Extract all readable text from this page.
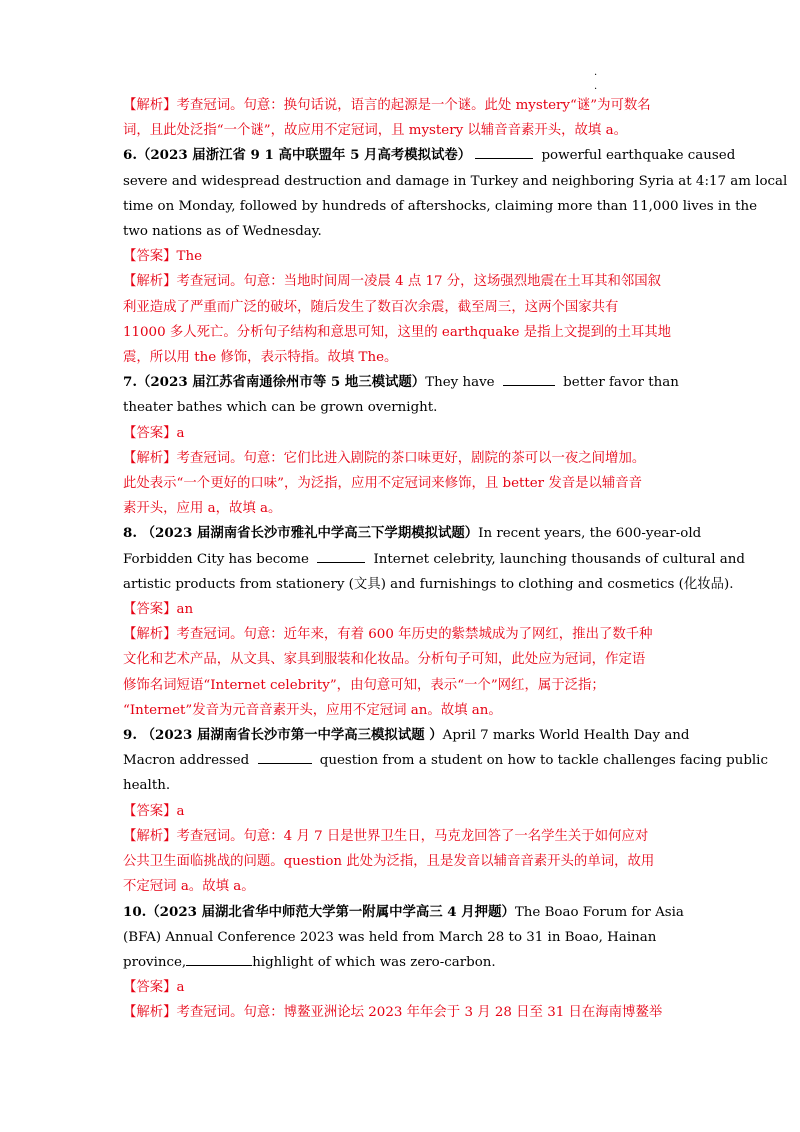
.
.
【解析】考查冠词。句意：换句话说，语言的起源是一个谜。此处 mystery“谜”为可数名
词，且此处泛指“一个谜”，故应用不定冠词，且 mystery 以辅音音素开头，故填 a。
6.（2023 届浙江省 9 1 高中联盟年 5 月高考模拟试卷）	powerful earthquake caused
severe and widespread destruction and damage in Turkey and neighboring Syria at 4:17 am local
time on Monday, followed by hundreds of aftershocks, claiming more than 11,000 lives in the
two nations as of Wednesday.
【答案】The
【解析】考查冠词。句意：当地时间周一凌晨 4 点 17 分，这场强烈地震在土耳其和邻国叙
利亚造成了严重而广泛的破坏，随后发生了数百次余震，截至周三，这两个国家共有
11000 多人死亡。分析句子结构和意思可知，这里的 earthquake 是指上文提到的土耳其地
震，所以用 the 修饰，表示特指。故填 The。
7.（2023 届江苏省南通徐州市等 5 地三模试题）They have	better favor than
theater bathes which can be grown overnight.
【答案】a
【解析】考查冠词。句意：它们比进入剧院的茶口味更好，剧院的茶可以一夜之间增加。
此处表示“一个更好的口味”，为泛指，应用不定冠词来修饰，且 better 发音是以辅音音
素开头，应用 a，故填 a。
8. （2023 届湖南省长沙市雅礼中学高三下学期模拟试题）In recent years, the 600-year-old
Forbidden City has become	Internet celebrity, launching thousands of cultural and
artistic products from stationery (文具) and furnishings to clothing and cosmetics (化妆品).
【答案】an
【解析】考查冠词。句意：近年来，有着 600 年历史的紫禁城成为了网红，推出了数千种
文化和艺术产品，从文具、家具到服装和化妆品。分析句子可知，此处应为冠词，作定语
修饰名词短语“Internet celebrity”，由句意可知，表示“一个”网红，属于泛指；
“Internet”发音为元音音素开头，应用不定冠词 an。故填 an。
9. （2023 届湖南省长沙市第一中学高三模拟试题 ）April 7 marks World Health Day and
Macron addressed	question from a student on how to tackle challenges facing public
health.
【答案】a
【解析】考查冠词。句意：4 月 7 日是世界卫生日，马克龙回答了一名学生关于如何应对
公共卫生面临挑战的问题。question 此处为泛指，且是发音以辅音音素开头的单词，故用
不定冠词 a。故填 a。
10.（2023 届湖北省华中师范大学第一附属中学高三 4 月押题）The Boao Forum for Asia
(BFA) Annual Conference 2023 was held from March 28 to 31 in Boao, Hainan
province,	highlight of which was zero-carbon.
【答案】a
【解析】考查冠词。句意：博鳌亚洲论坛 2023 年年会于 3 月 28 日至 31 日在海南博鳌举
